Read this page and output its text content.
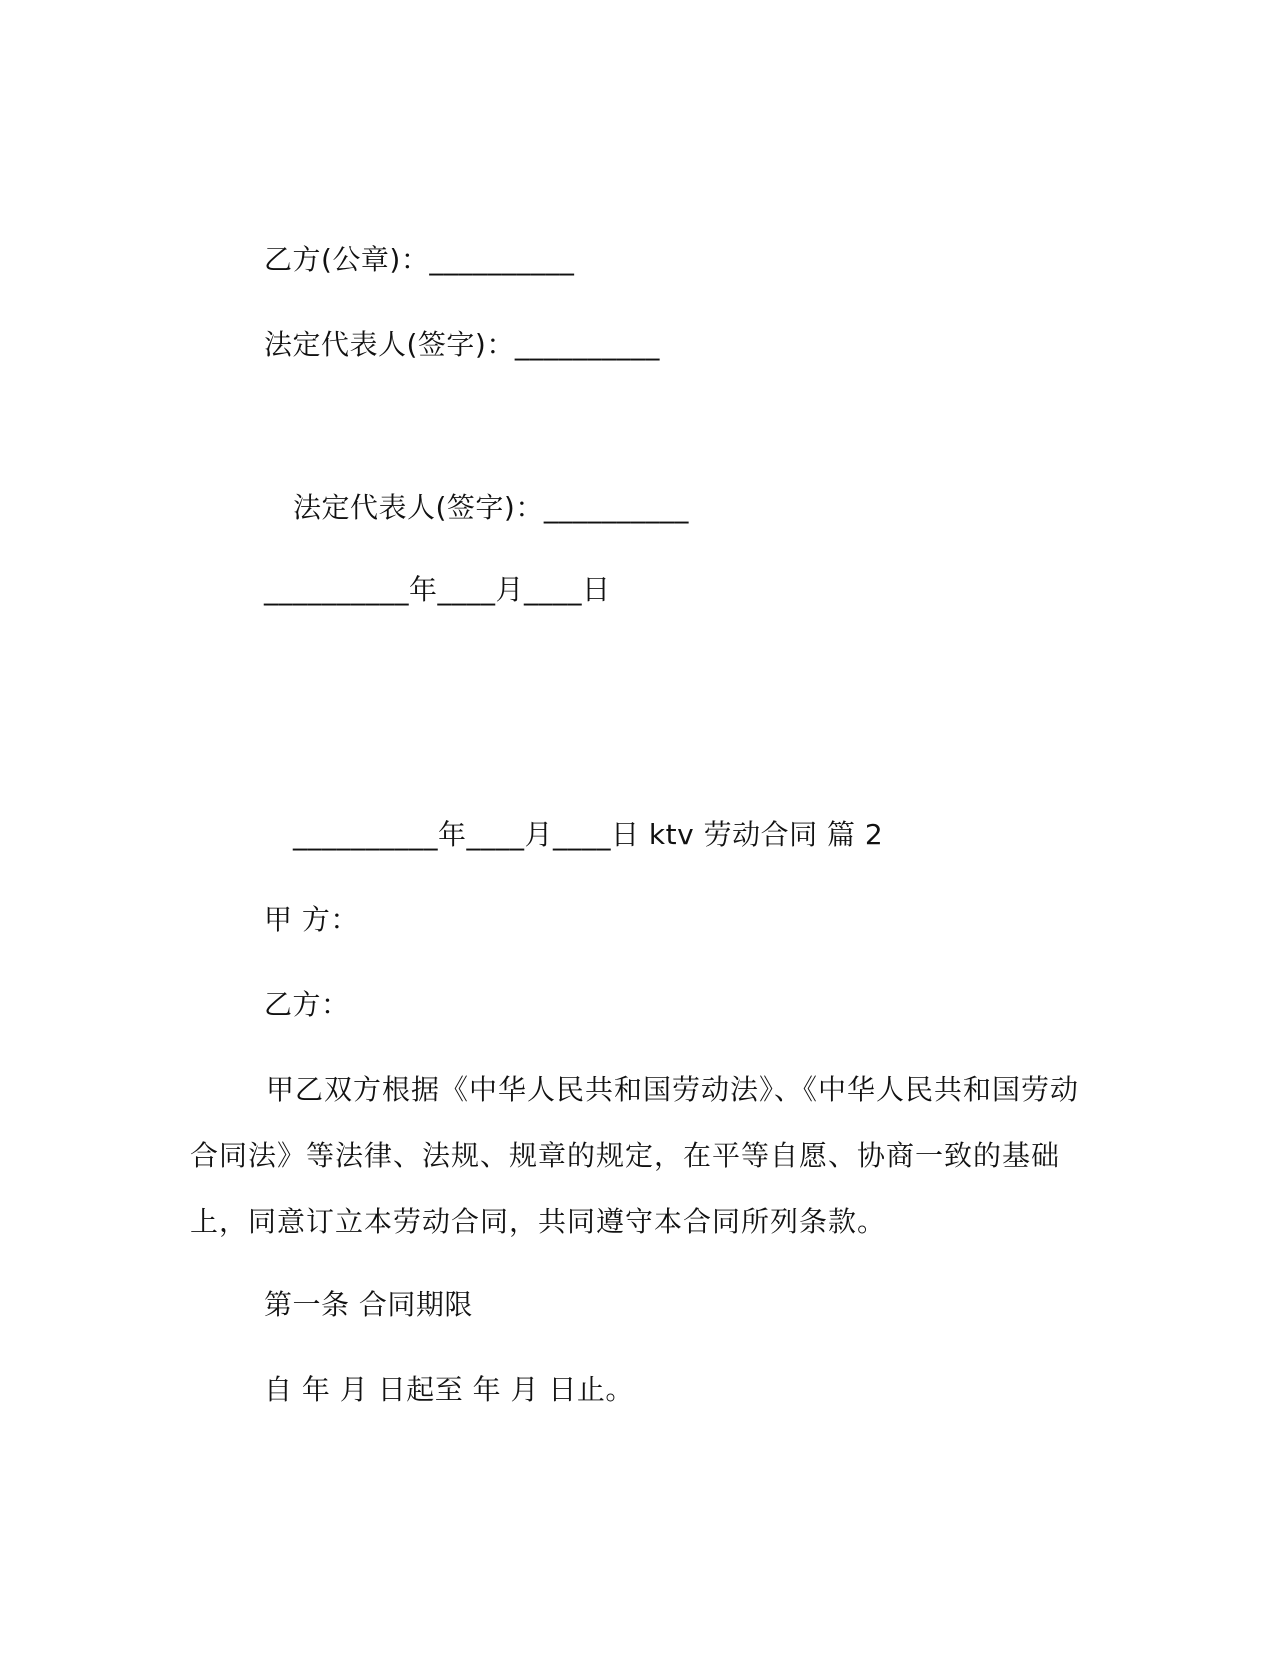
乙方(公章)：__________
法定代表人(签字)：__________
法定代表人(签字)：__________
__________年____月____日
__________年____月____日 ktv 劳动合同 篇 2
甲 方：
乙方：
甲乙双方根据《中华人民共和国劳动法》、《中华人民共和国劳动合同法》等法律、法规、规章的规定，在平等自愿、协商一致的基础上，同意订立本劳动合同，共同遵守本合同所列条款。
第一条 合同期限
自 年 月 日起至 年 月 日止。
